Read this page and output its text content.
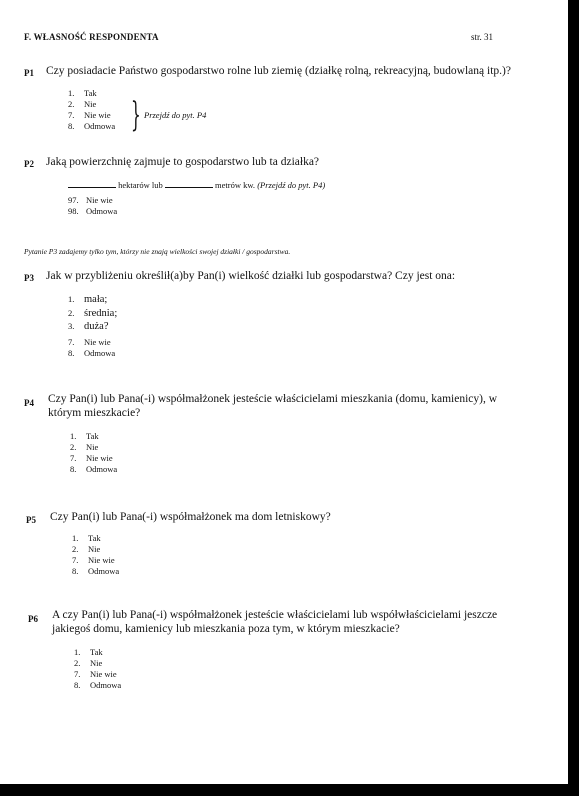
F. WŁASNOŚĆ RESPONDENTA	str. 31
P1 Czy posiadacie Państwo gospodarstwo rolne lub ziemię (działkę rolną, rekreacyjną, budowlaną itp.)?
1. Tak
2. Nie
7. Nie wie
8. Odmowa } Przejdź do pyt. P4
P2 Jaką powierzchnię zajmuje to gospodarstwo lub ta działka?
hektarów lub	metrów kw. (Przejdź do pyt. P4)
97. Nie wie
98. Odmowa
Pytanie P3 zadajemy tylko tym, którzy nie znają wielkości swojej działki / gospodarstwa.
P3 Jak w przybliżeniu określił(a)by Pan(i) wielkość działki lub gospodarstwa? Czy jest ona:
1. mała;
2. średnia;
3. duża?
7. Nie wie
8. Odmowa
P4 Czy Pan(i) lub Pana(-i) współmałżonek jesteście właścicielami mieszkania (domu, kamienicy), w
którym mieszkacie?
1. Tak
2. Nie
7. Nie wie
8. Odmowa
P5 Czy Pan(i) lub Pana(-i) współmałżonek ma dom letniskowy?
1. Tak
2. Nie
7. Nie wie
8. Odmowa
P6 A czy Pan(i) lub Pana(-i) współmałżonek jesteście właścicielami lub współwłaścicielami jeszcze
jakiegoś domu, kamienicy lub mieszkania poza tym, w którym mieszkacie?
1. Tak
2. Nie
7. Nie wie
8. Odmowa
